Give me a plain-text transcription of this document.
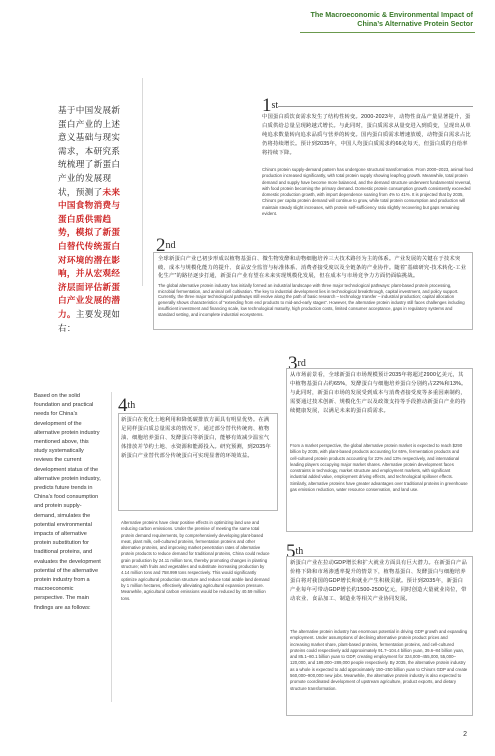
The Macroeconomic & Environmental Impact of
China’s Alternative Protein Sector
基于中国发展新蛋白产业的上述意义基础与现实需求，本研究系统梳理了新蛋白产业的发展现状，预测了未来中国食物消费与蛋白质供需趋势，模拟了新蛋白替代传统蛋白对环境的潜在影响，并从宏观经济层面评估新蛋白产业发展的潜力。主要发现如右：
Based on the solid foundation and practical needs for China’s development of the alternative protein industry mentioned above, this study systematically reviews the current development status of the alternative protein industry, predicts future trends in China’s food consumption and protein supply-demand, simulates the potential environmental impacts of alternative protein substitution for traditional proteins, and evaluates the development potential of the alternative protein industry from a macroeconomic perspective. The main findings are as follows:
1st
中国蛋白质饮食需求发生了结构性转变。2000-2023年，动物性食品产量显著提升，蛋白质供给总量呈现跨越式增长。与此同时，蛋白质需求从量变进入到质变，呈现出从单纯追求数量转向追求品质与营养的转变。国内蛋白质需求增速放缓，动物蛋白需求占比仍将持续增长。预计到2035年，中国人均蛋白质需求约66克每天，但蛋白质的自给率将持续下降。
China’s protein supply-demand pattern has undergone structural transformation. From 2000–2023, animal food production increased significantly, with total protein supply showing leapfrog growth. Meanwhile, total protein demand and supply have become more balanced, and the demand structure underwent fundamental reversal, with food protein becoming the primary demand. Domestic protein consumption growth consistently exceeded domestic production growth, with import dependence soaring from 4% to 41%. It is projected that by 2035, China’s per capita protein demand will continue to grow, while total protein consumption and production will maintain steady slight increases, with protein self-sufficiency ratio slightly recovering but gaps remaining evident.
2nd
全球新蛋白产业已初步形成以植物基蛋白、微生物发酵和动物细胞培养三大技术路径为主的体系。产业发展的关键在于技术突破、成本与规模化能力的提升、食品安全监管与标准体系、消费者接受度以及全链条的产业协作。随着“基础研究-技术转化-工业化生产”的路径逐步打通，新蛋白产业有望在未来实现规模化发展，但在成本与市场竞争力方面仍面临挑战。
The global alternative protein industry has initially formed an industrial landscape with three major technological pathways: plant-based protein processing, microbial fermentation, and animal cell cultivation. The key to industrial development lies in technological breakthrough, capital investment, and policy support. Currently, the three major technological pathways still evolve along the path of basic research – technology transfer – industrial production; capital allocation generally shows characteristics of “extending from end products to mid-and-early stages”. However, the alternative protein industry still faces challenges including insufficient investment and financing scale, low technological maturity, high production costs, limited consumer acceptance, gaps in regulatory systems and standard setting, and incomplete industrial ecosystems.
3rd
从市场前景看，全球新蛋白市场规模预计2035年将超过2900亿美元，其中植物基蛋白占约65%，发酵蛋白与细胞培养蛋白分别约占22%和13%。与此同时，新蛋白市场的发展受到成本与消费者接受度等多重因素制约，需要通过技术创新、规模化生产以及政策支持等手段推动新蛋白产业的持续健康发展，以满足未来的蛋白质需求。
From a market perspective, the global alternative protein market is expected to reach $290 billion by 2035, with plant-based products accounting for 65%, fermentation products and cell-cultured protein products accounting for 22% and 13% respectively, and international leading players occupying major market shares. Alternative protein development faces constraints in technology, market structure and employment markets, with significant industrial added value, employment driving effects, and technological spillover effects. Similarly, alternative proteins have greater advantages over traditional proteins in greenhouse gas emission reduction, water resource conservation, and land use.
4th
新蛋白在优化土地利用和降低碳排放方面具有明显优势。在满足同样蛋白质总量需求的情况下，通过部分替代传统肉、植物油、细胞培养蛋白、发酵蛋白等新蛋白，能够有效减少温室气体排放并节约土地、水资源和能源投入。研究预测，到2035年新蛋白产业替代部分传统蛋白可实现显著的环境效益。
Alternative proteins have clear positive effects in optimizing land use and reducing carbon emissions. Under the premise of meeting the same total protein demand requirements, by comprehensively developing plant-based meat, plant milk, cell-cultured proteins, fermentation proteins and other alternative proteins, and improving market penetration rates of alternative protein products to reduce demand for traditional proteins, China could reduce grain production by 24.11 million tons, thereby promoting changes in planting structure; with fruits and vegetables and substitute increasing production by 4.14 million tons and 758.999 tons respectively. This would significantly optimize agricultural production structure and reduce total arable land demand by 1 million hectares, effectively alleviating agricultural expansion pressure. Meanwhile, agricultural carbon emissions would be reduced by 40.59 million tons.
5th
新蛋白产业在拉动GDP增长和扩大就业方面具有巨大潜力。在新蛋白产品价格下降和市场渗透率提升的情景下，植物基蛋白、发酵蛋白与细胞培养蛋白将对我国的GDP增长和就业产生积极贡献。预计到2035年，新蛋白产业每年可带动GDP增长约1500-2500亿元，同时创造大量就业岗位，带动农业、食品加工、制造业等相关产业协同发展。
The alternative protein industry has enormous potential in driving GDP growth and expanding employment. Under assumptions of declining alternative protein product prices and increasing market share, plant-based proteins, fermentation proteins, and cell-cultured proteins could respectively add approximately 91.7–104.4 billion yuan, 39.6–84 billion yuan, and 85.1–80.1 billion yuan to GDP, creating employment for 324,000–455,000, 55,000–120,000, and 189,000–289,000 people respectively. By 2035, the alternative protein industry as a whole is expected to add approximately 150–250 billion yuan to China’s GDP and create 560,000–900,000 new jobs. Meanwhile, the alternative protein industry is also expected to promote coordinated development of upstream agriculture, product exports, and dietary structure transformation.
2
